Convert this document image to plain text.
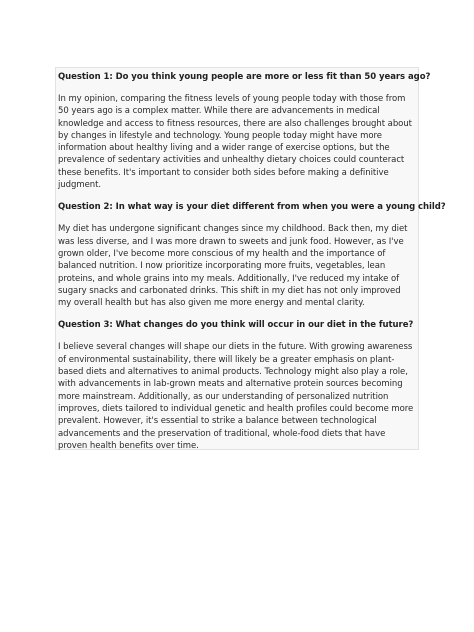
Question 1: Do you think young people are more or less fit than 50 years ago?

In my opinion, comparing the fitness levels of young people today with those from 50 years ago is a complex matter. While there are advancements in medical knowledge and access to fitness resources, there are also challenges brought about by changes in lifestyle and technology. Young people today might have more information about healthy living and a wider range of exercise options, but the prevalence of sedentary activities and unhealthy dietary choices could counteract these benefits. It's important to consider both sides before making a definitive judgment.

Question 2: In what way is your diet different from when you were a young child?

My diet has undergone significant changes since my childhood. Back then, my diet was less diverse, and I was more drawn to sweets and junk food. However, as I've grown older, I've become more conscious of my health and the importance of balanced nutrition. I now prioritize incorporating more fruits, vegetables, lean proteins, and whole grains into my meals. Additionally, I've reduced my intake of sugary snacks and carbonated drinks. This shift in my diet has not only improved my overall health but has also given me more energy and mental clarity.

Question 3: What changes do you think will occur in our diet in the future?

I believe several changes will shape our diets in the future. With growing awareness of environmental sustainability, there will likely be a greater emphasis on plant-based diets and alternatives to animal products. Technology might also play a role, with advancements in lab-grown meats and alternative protein sources becoming more mainstream. Additionally, as our understanding of personalized nutrition improves, diets tailored to individual genetic and health profiles could become more prevalent. However, it's essential to strike a balance between technological advancements and the preservation of traditional, whole-food diets that have proven health benefits over time.
